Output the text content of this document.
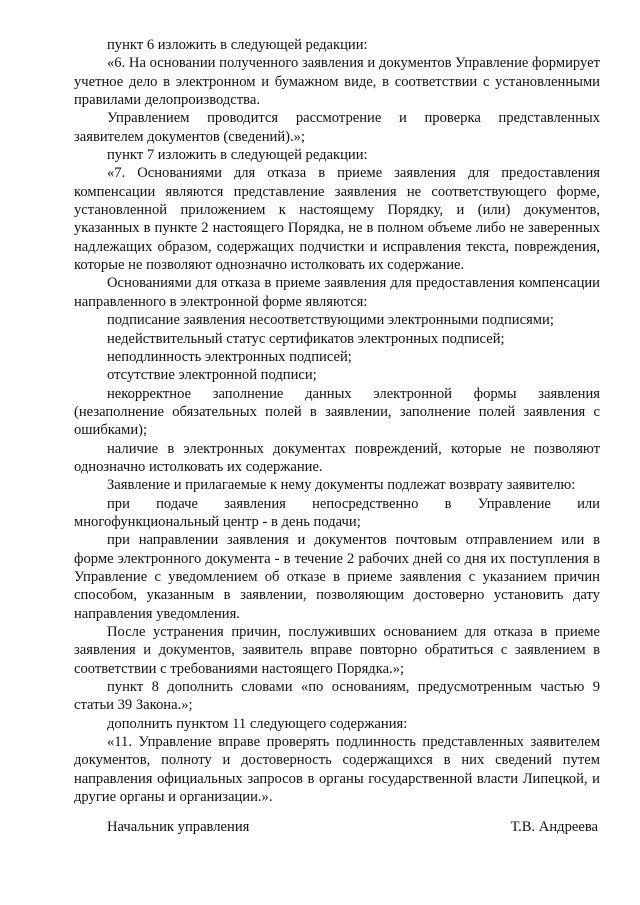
пункт 6 изложить в следующей редакции:

«6. На основании полученного заявления и документов Управление формирует учетное дело в электронном и бумажном виде, в соответствии с установленными правилами делопроизводства.

Управлением проводится рассмотрение и проверка представленных заявителем документов (сведений).»;

пункт 7 изложить в следующей редакции:

«7. Основаниями для отказа в приеме заявления для предоставления компенсации являются представление заявления не соответствующего форме, установленной приложением к настоящему Порядку, и (или) документов, указанных в пункте 2 настоящего Порядка, не в полном объеме либо не заверенных надлежащих образом, содержащих подчистки и исправления текста, повреждения, которые не позволяют однозначно истолковать их содержание.

Основаниями для отказа в приеме заявления для предоставления компенсации направленного в электронной форме являются:

подписание заявления несоответствующими электронными подписями;

недействительный статус сертификатов электронных подписей;

неподлинность электронных подписей;

отсутствие электронной подписи;

некорректное заполнение данных электронной формы заявления (незаполнение обязательных полей в заявлении, заполнение полей заявления с ошибками);

наличие в электронных документах повреждений, которые не позволяют однозначно истолковать их содержание.

Заявление и прилагаемые к нему документы подлежат возврату заявителю:

при подаче заявления непосредственно в Управление или многофункциональный центр - в день подачи;

при направлении заявления и документов почтовым отправлением или в форме электронного документа - в течение 2 рабочих дней со дня их поступления в Управление с уведомлением об отказе в приеме заявления с указанием причин способом, указанным в заявлении, позволяющим достоверно установить дату направления уведомления.

После устранения причин, послуживших основанием для отказа в приеме заявления и документов, заявитель вправе повторно обратиться с заявлением в соответствии с требованиями настоящего Порядка.»;

пункт 8 дополнить словами «по основаниям, предусмотренным частью 9 статьи 39 Закона.»;

дополнить пунктом 11 следующего содержания:

«11. Управление вправе проверять подлинность представленных заявителем документов, полноту и достоверность содержащихся в них сведений путем направления официальных запросов в органы государственной власти Липецкой, и другие органы и организации.».

Начальник управления	Т.В. Андреева
